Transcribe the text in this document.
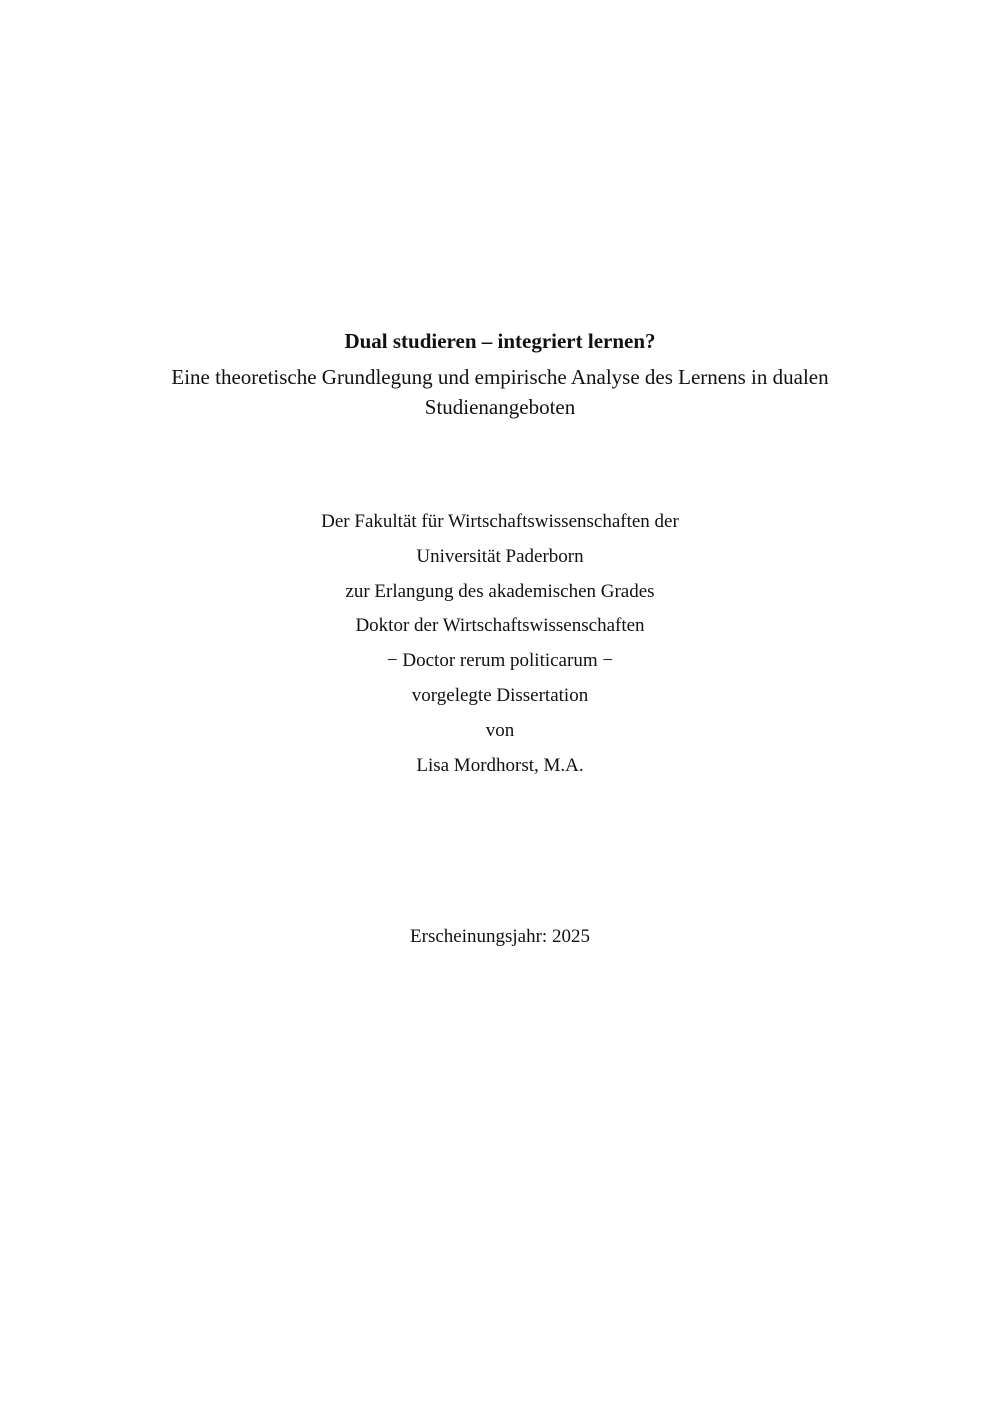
Dual studieren – integriert lernen?
Eine theoretische Grundlegung und empirische Analyse des Lernens in dualen Studienangeboten
Der Fakultät für Wirtschaftswissenschaften der
Universität Paderborn
zur Erlangung des akademischen Grades
Doktor der Wirtschaftswissenschaften
− Doctor rerum politicarum −
vorgelegte Dissertation
von
Lisa Mordhorst, M.A.
Erscheinungsjahr: 2025
